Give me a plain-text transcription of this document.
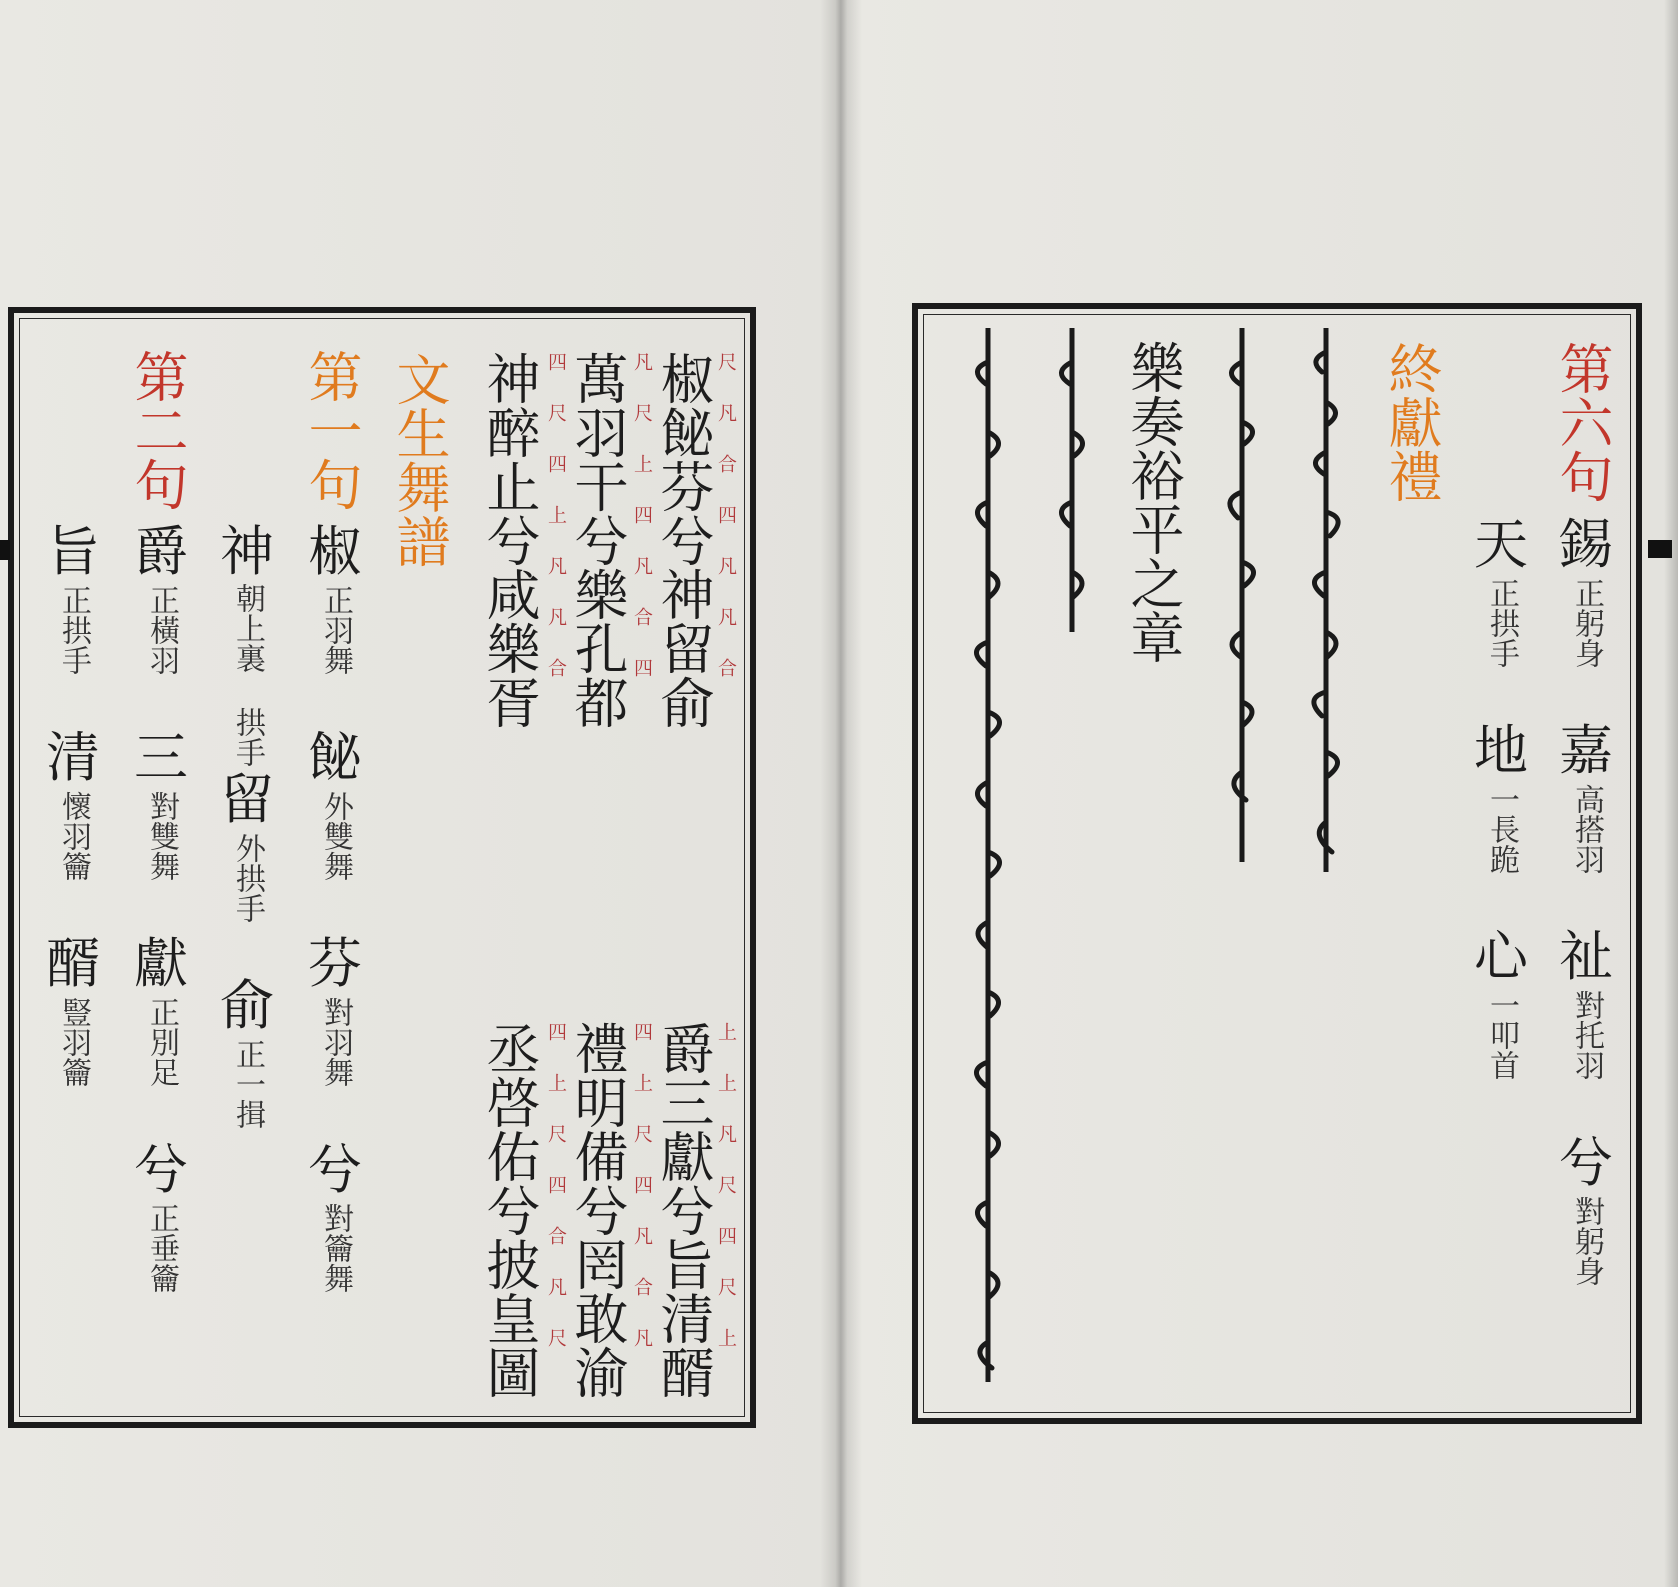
椒飶芬兮神留俞 尺凡合四凡凡合
萬羽干兮樂孔都 凡尺上四凡合四
神醉止兮咸樂胥 四尺四上凡凡合
爵三獻兮旨清醑 上上凡尺四尺上
禮明備兮罔敢渝 四上尺四凡合凡
丞啓佑兮披皇圖 四上尺四合凡尺
文生舞譜
第一句
椒
正羽舞
飶
外雙舞
芬
對羽舞
兮
對籥舞
神
朝上裏
拱手
留
外拱手
俞
正一揖
第二句
爵
正橫羽
三
對雙舞
獻
正別足
兮
正垂籥
旨
正拱手
清
懷羽籥
醑
豎羽籥
第六句
錫
正躬身
嘉
高搭羽
祉
對托羽
兮
對躬身
天
正拱手
地
一長跪
心
一叩首
終獻禮
樂奏裕平之章
